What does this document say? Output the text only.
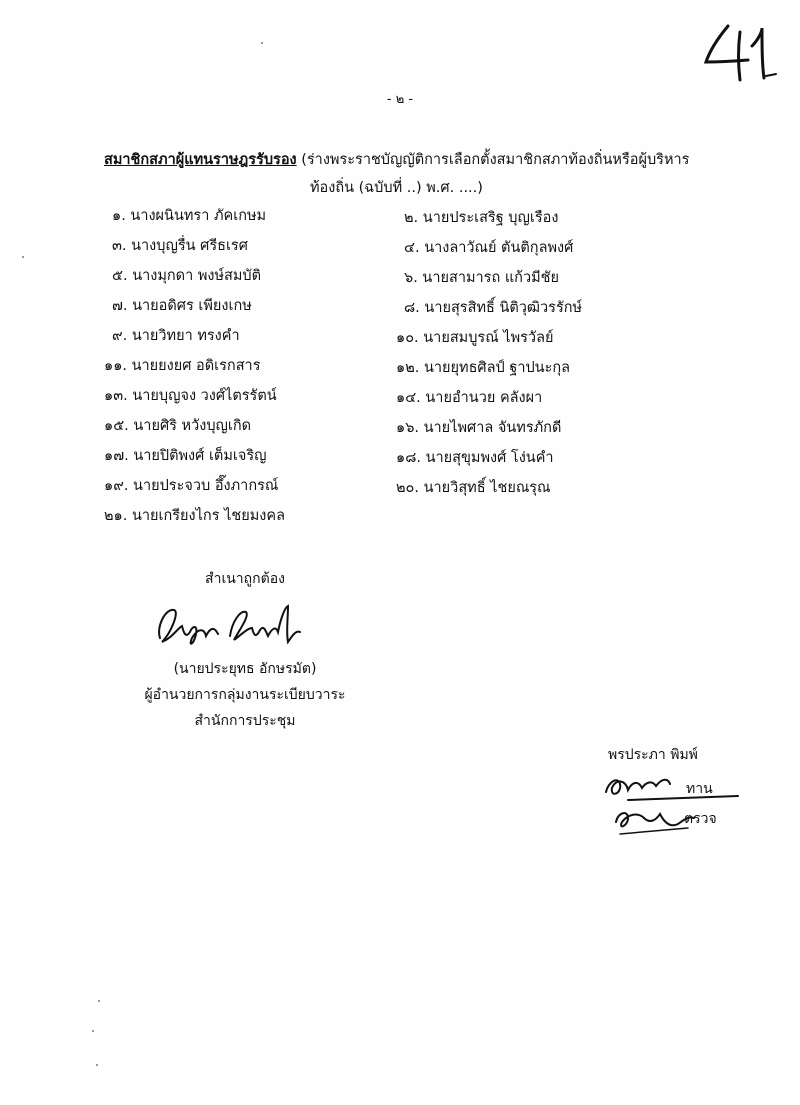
- ๒ -
สมาชิกสภาผู้แทนราษฎรรับรอง (ร่างพระราชบัญญัติการเลือกตั้งสมาชิกสภาท้องถิ่นหรือผู้บริหาร
ท้องถิ่น (ฉบับที่ ..) พ.ศ. ....)
๑. นางผนินทรา ภัคเกษม
๓. นางบุญรื่น ศรีธเรศ
๕. นางมุกดา พงษ์สมบัติ
๗. นายอดิศร เพียงเกษ
๙. นายวิทยา ทรงคำ
๑๑. นายยงยศ อดิเรกสาร
๑๓. นายบุญจง วงศ์ไตรรัตน์
๑๕. นายศิริ หวังบุญเกิด
๑๗. นายปิติพงศ์ เต็มเจริญ
๑๙. นายประจวบ อึ๊งภากรณ์
๒๑. นายเกรียงไกร ไชยมงคล
๒. นายประเสริฐ บุญเรือง
๔. นางลาวัณย์ ตันติกุลพงศ์
๖. นายสามารถ แก้วมีชัย
๘. นายสุรสิทธิ์ นิติวุฒิวรรักษ์
๑๐. นายสมบูรณ์ ไพรวัลย์
๑๒. นายยุทธศิลป์ ฐาปนะกุล
๑๔. นายอำนวย คลังผา
๑๖. นายไพศาล จันทรภักดี
๑๘. นายสุขุมพงศ์ โง่นคำ
๒๐. นายวิสุทธิ์ ไชยณรุณ
สำเนาถูกต้อง
(นายประยุทธ อักษรมัต)
ผู้อำนวยการกลุ่มงานระเบียบวาระ
สำนักการประชุม
พรประภา พิมพ์
ทาน
ตรวจ
